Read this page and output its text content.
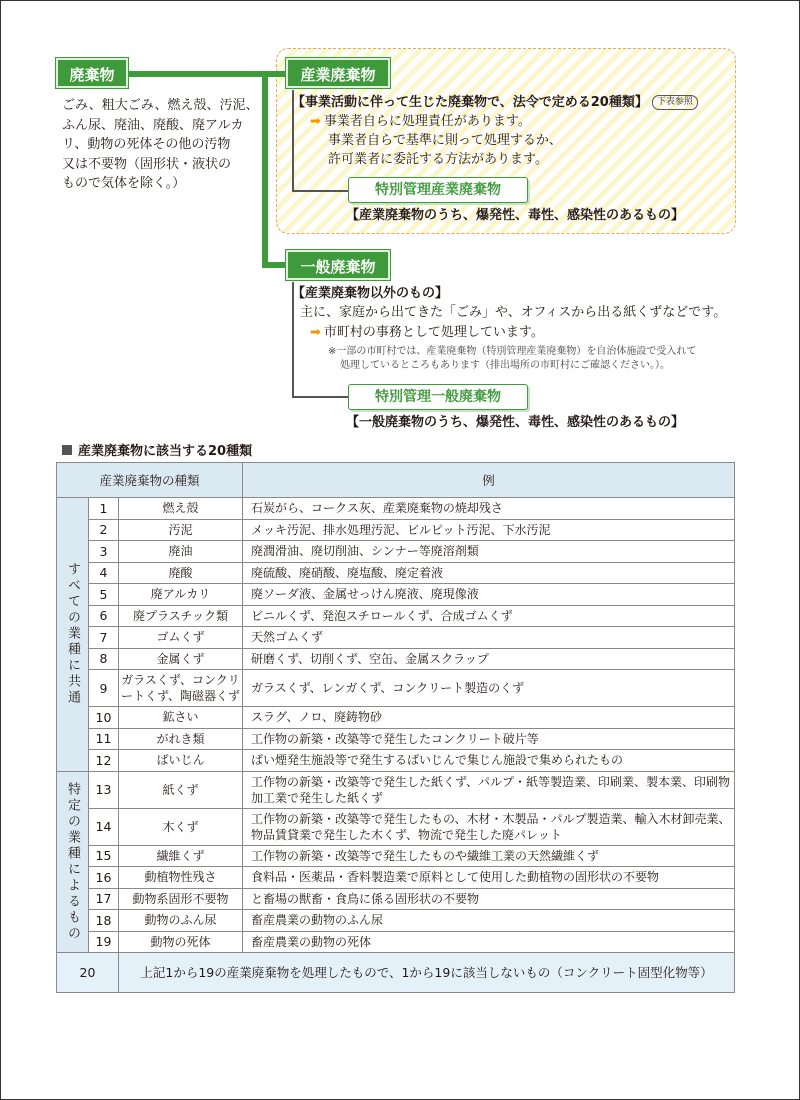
廃棄物
ごみ、粗大ごみ、燃え殻、汚泥、
ふん尿、廃油、廃酸、廃アルカ
リ、動物の死体その他の汚物
又は不要物（固形状・液状の
もので気体を除く。）
産業廃棄物
【事業活動に伴って生じた廃棄物で、法令で定める20種類】 下表参照
➡ 事業者自らに処理責任があります。
事業者自らで基準に則って処理するか、
許可業者に委託する方法があります。
特別管理産業廃棄物
【産業廃棄物のうち、爆発性、毒性、感染性のあるもの】
一般廃棄物
【産業廃棄物以外のもの】
主に、家庭から出てきた「ごみ」や、オフィスから出る紙くずなどです。
➡ 市町村の事務として処理しています。
※一部の市町村では、産業廃棄物（特別管理産業廃棄物）を自治体施設で受入れて
処理しているところもあります（排出場所の市町村にご確認ください。）。
特別管理一般廃棄物
【一般廃棄物のうち、爆発性、毒性、感染性のあるもの】
産業廃棄物に該当する20種類
産業廃棄物の種類			例

すべての業種に共通	1	燃え殻	石炭がら、コークス灰、産業廃棄物の焼却残さ
	2	汚泥	メッキ汚泥、排水処理汚泥、ビルピット汚泥、下水汚泥
	3	廃油	廃潤滑油、廃切削油、シンナー等廃溶剤類
	4	廃酸	廃硫酸、廃硝酸、廃塩酸、廃定着液
	5	廃アルカリ	廃ソーダ液、金属せっけん廃液、廃現像液
	6	廃プラスチック類	ビニルくず、発泡スチロールくず、合成ゴムくず
	7	ゴムくず	天然ゴムくず
	8	金属くず	研磨くず、切削くず、空缶、金属スクラップ
	9	ガラスくず、コンクリートくず、陶磁器くず	ガラスくず、レンガくず、コンクリート製造のくず
	10	鉱さい	スラグ、ノロ、廃鋳物砂
	11	がれき類	工作物の新築・改築等で発生したコンクリート破片等
	12	ばいじん	ばい煙発生施設等で発生するばいじんで集じん施設で集められたもの

特定の業種によるもの	13	紙くず	工作物の新築・改築等で発生した紙くず、パルプ・紙等製造業、印刷業、製本業、印刷物加工業で発生した紙くず
	14	木くず	工作物の新築・改築等で発生したもの、木材・木製品・パルプ製造業、輸入木材卸売業、物品賃貸業で発生した木くず、物流で発生した廃パレット
	15	繊維くず	工作物の新築・改築等で発生したものや繊維工業の天然繊維くず
	16	動植物性残さ	食料品・医薬品・香料製造業で原料として使用した動植物の固形状の不要物
	17	動物系固形不要物	と畜場の獣畜・食鳥に係る固形状の不要物
	18	動物のふん尿	畜産農業の動物のふん尿
	19	動物の死体	畜産農業の動物の死体
20		上記1から19の産業廃棄物を処理したもので、1から19に該当しないもの（コンクリート固型化物等）	
